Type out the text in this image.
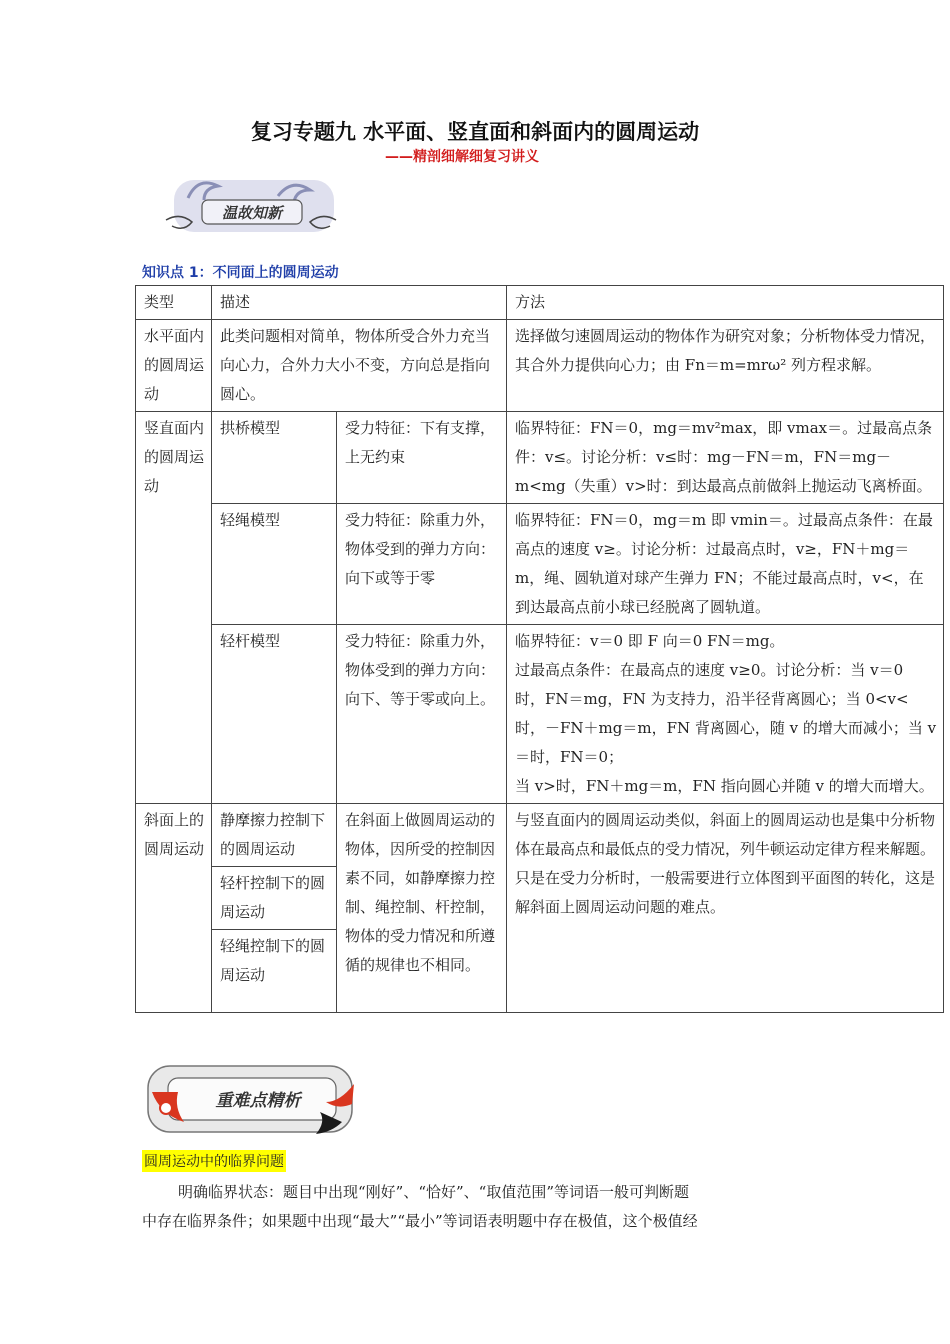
复习专题九 水平面、竖直面和斜面内的圆周运动
——精剖细解细复习讲义
温故知新
知识点 1：不同面上的圆周运动
类型	描述		方法
水平面内的圆周运动	此类问题相对简单，物体所受合外力充当向心力，合外力大小不变，方向总是指向圆心。		选择做匀速圆周运动的物体作为研究对象；分析物体受力情况，其合外力提供向心力；由 Fn＝m=mrω² 列方程求解。
竖直面内的圆周运动	拱桥模型	受力特征：下有支撑，上无约束	临界特征：FN＝0，mg＝mv²max，即 vmax＝。过最高点条件：v≤。讨论分析：v≤时：mg－FN＝m，FN＝mg－m<mg（失重）v>时：到达最高点前做斜上抛运动飞离桥面。
	轻绳模型	受力特征：除重力外，物体受到的弹力方向：向下或等于零	临界特征：FN＝0，mg＝m 即 vmin＝。过最高点条件：在最高点的速度 v≥。讨论分析：过最高点时，v≥，FN＋mg＝m，绳、圆轨道对球产生弹力 FN；不能过最高点时，v<，在到达最高点前小球已经脱离了圆轨道。
	轻杆模型	受力特征：除重力外，物体受到的弹力方向：向下、等于零或向上。	临界特征：v＝0 即 F 向＝0 FN＝mg。
过最高点条件：在最高点的速度 v≥0。讨论分析：当 v＝0 时，FN＝mg，FN 为支持力，沿半径背离圆心；当 0<v<时，－FN＋mg＝m，FN 背离圆心，随 v 的增大而减小；当 v＝时，FN＝0；
当 v>时，FN＋mg＝m，FN 指向圆心并随 v 的增大而增大。

斜面上的圆周运动	静摩擦力控制下的圆周运动	在斜面上做圆周运动的物体，因所受的控制因素不同，如静摩擦力控制、绳控制、杆控制，物体的受力情况和所遵循的规律也不相同。	与竖直面内的圆周运动类似，斜面上的圆周运动也是集中分析物体在最高点和最低点的受力情况，列牛顿运动定律方程来解题。只是在受力分析时，一般需要进行立体图到平面图的转化，这是解斜面上圆周运动问题的难点。
	轻杆控制下的圆周运动		
	轻绳控制下的圆周运动		
重难点精析
圆周运动中的临界问题
明确临界状态：题目中出现“刚好”、“恰好”、“取值范围”等词语一般可判断题
中存在临界条件；如果题中出现“最大”“最小”等词语表明题中存在极值，这个极值经
